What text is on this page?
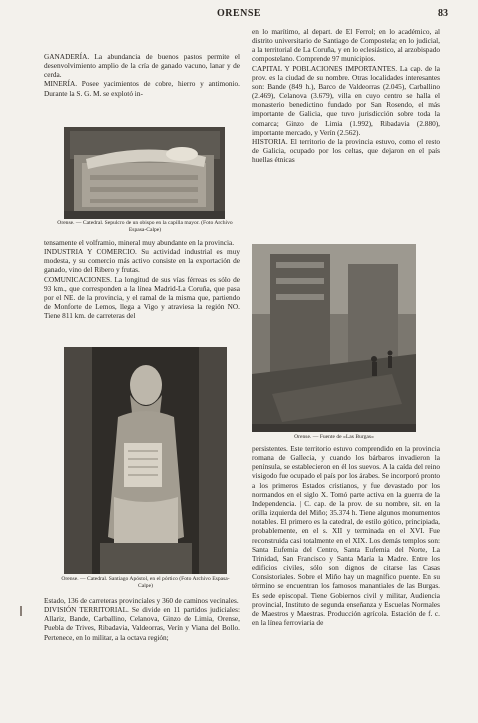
ORENSE	83

GANADERÍA. La abundancia de buenos pastos permite el desenvolvimiento amplio de la cría de ganado vacuno, lanar y de cerda.

MINERÍA. Posee yacimientos de cobre, hierro y antimonio. Durante la S. G. M. se explotó in-

Orense. — Catedral. Sepulcro de un obispo en la capilla mayor. (Foto Archivo Espasa-Calpe)

tensamente el volframio, mineral muy abundante en la provincia.

INDUSTRIA Y COMERCIO. Su actividad industrial es muy modesta, y su comercio más activo consiste en la exportación de ganado, vino del Ribero y frutas.

COMUNICACIONES. La longitud de sus vías férreas es sólo de 93 km., que corresponden a la línea Madrid-La Coruña, que pasa por el NE. de la provincia, y el ramal de la misma que, partiendo de Monforte de Lemos, llega a Vigo y atraviesa la región NO. Tiene 811 km. de carreteras del

Orense. — Catedral. Santiago Apóstol, en el pórtico (Foto Archivo Espasa-Calpe)

Estado, 136 de carreteras provinciales y 360 de caminos vecinales.

DIVISIÓN TERRITORIAL. Se divide en 11 partidos judiciales: Allariz, Bande, Carballino, Celanova, Ginzo de Limia, Orense, Puebla de Trives, Ribadavia, Valdeorras, Verín y Viana del Bollo. Pertenece, en lo militar, a la octava región;

en lo marítimo, al depart. de El Ferrol; en lo académico, al distrito universitario de Santiago de Compostela; en lo judicial, a la territorial de La Coruña, y en lo eclesiástico, al arzobispado compostelano. Comprende 97 municipios.

CAPITAL Y POBLACIONES IMPORTANTES. La cap. de la prov. es la ciudad de su nombre. Otras localidades interesantes son: Bande (849 h.), Barco de Valdeorras (2.045), Carballino (2.469), Celanova (3.679), villa en cuyo centro se halla el monasterio benedictino fundado por San Rosendo, el más importante de Galicia, que tuvo jurisdicción sobre toda la comarca; Ginzo de Limia (1.992), Ribadavia (2.880), importante mercado, y Verín (2.562).

HISTORIA. El territorio de la provincia estuvo, como el resto de Galicia, ocupado por los celtas, que dejaron en el país huellas étnicas

Orense. — Fuente de «Las Burgas»

persistentes. Este territorio estuvo comprendido en la provincia romana de Gallecia, y cuando los bárbaros invadieron la península, se establecieron en él los suevos. A la caída del reino visigodo fue ocupado el país por los árabes. Se incorporó pronto a los primeros Estados cristianos, y fue devastado por los normandos en el siglo X. Tomó parte activa en la guerra de la Independencia. | C. cap. de la prov. de su nombre, sit. en la orilla izquierda del Miño; 35.374 h. Tiene algunos monumentos notables. El primero es la catedral, de estilo gótico, principiada, probablemente, en el s. XII y terminada en el XVI. Fue reconstruida casi totalmente en el XIX. Los demás templos son: Santa Eufemia del Centro, Santa Eufemia del Norte, La Trinidad, San Francisco y Santa María la Madre. Entre los edificios civiles, sólo son dignos de citarse las Casas Consistoriales. Sobre el Miño hay un magnífico puente. En su término se encuentran los famosos manantiales de las Burgas. Es sede episcopal. Tiene Gobiernos civil y militar, Audiencia provincial, Instituto de segunda enseñanza y Escuelas Normales de Maestros y Maestras. Producción agrícola. Estación de f. c. en la línea ferroviaria de
